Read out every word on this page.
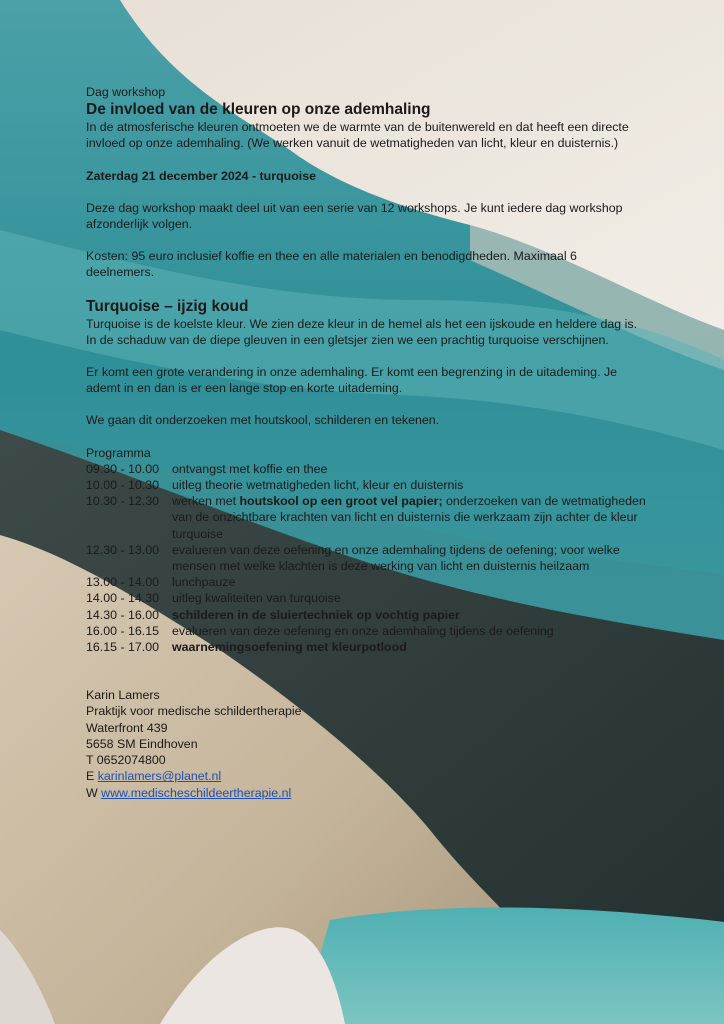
Dag workshop

De invloed van de kleuren op onze ademhaling

In de atmosferische kleuren ontmoeten we de warmte van de buitenwereld en dat heeft een directe invloed op onze ademhaling. (We werken vanuit de wetmatigheden van licht, kleur en duisternis.)

Zaterdag 21 december 2024 - turquoise

Deze dag workshop maakt deel uit van een serie van 12 workshops. Je kunt iedere dag workshop afzonderlijk volgen.

Kosten: 95 euro inclusief koffie en thee en alle materialen en benodigdheden. Maximaal 6 deelnemers.

Turquoise – ijzig koud

Turquoise is de koelste kleur. We zien deze kleur in de hemel als het een ijskoude en heldere dag is. In de schaduw van de diepe gleuven in een gletsjer zien we een prachtig turquoise verschijnen.

Er komt een grote verandering in onze ademhaling. Er komt een begrenzing in de uitademing. Je ademt in en dan is er een lange stop en korte uitademing.

We gaan dit onderzoeken met houtskool, schilderen en tekenen.

Programma

09.30 - 10.00	ontvangst met koffie en thee
10.00 - 10.30	uitleg theorie wetmatigheden licht, kleur en duisternis
10.30 - 12.30	werken met houtskool op een groot vel papier; onderzoeken van de wetmatigheden van de onzichtbare krachten van licht en duisternis die werkzaam zijn achter de kleur turquoise
12.30 - 13.00	evalueren van deze oefening en onze ademhaling tijdens de oefening; voor welke mensen met welke klachten is deze werking van licht en duisternis heilzaam
13.00 - 14.00	lunchpauze
14.00 - 14.30	uitleg kwaliteiten van turquoise
14.30 - 16.00	schilderen in de sluiertechniek op vochtig papier
16.00 - 16.15	evalueren van deze oefening en onze ademhaling tijdens de oefening
16.15 - 17.00	waarnemingsoefening met kleurpotlood

Karin Lamers

Praktijk voor medische schildertherapie

Waterfront 439

5658 SM Eindhoven

T 0652074800

E karinlamers@planet.nl

W www.medischeschildeertherapie.nl
